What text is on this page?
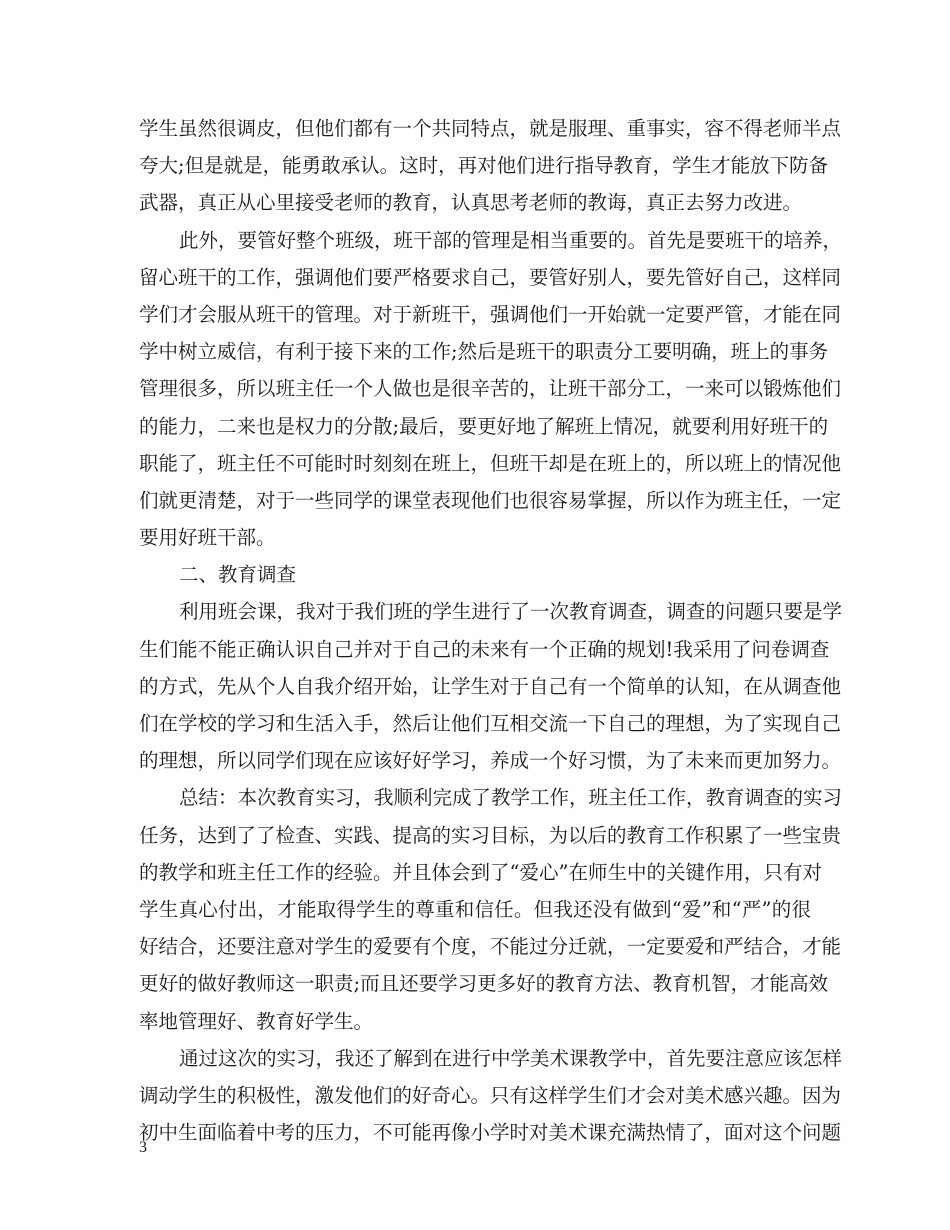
学生虽然很调皮，但他们都有一个共同特点，就是服理、重事实，容不得老师半点
夸大;但是就是，能勇敢承认。这时，再对他们进行指导教育，学生才能放下防备
武器，真正从心里接受老师的教育，认真思考老师的教诲，真正去努力改进。
此外，要管好整个班级，班干部的管理是相当重要的。首先是要班干的培养，
留心班干的工作，强调他们要严格要求自己，要管好别人，要先管好自己，这样同
学们才会服从班干的管理。对于新班干，强调他们一开始就一定要严管，才能在同
学中树立威信，有利于接下来的工作;然后是班干的职责分工要明确，班上的事务
管理很多，所以班主任一个人做也是很辛苦的，让班干部分工，一来可以锻炼他们
的能力，二来也是权力的分散;最后，要更好地了解班上情况，就要利用好班干的
职能了，班主任不可能时时刻刻在班上，但班干却是在班上的，所以班上的情况他
们就更清楚，对于一些同学的课堂表现他们也很容易掌握，所以作为班主任，一定
要用好班干部。
二、教育调查
利用班会课，我对于我们班的学生进行了一次教育调查，调查的问题只要是学
生们能不能正确认识自己并对于自己的未来有一个正确的规划!我采用了问卷调查
的方式，先从个人自我介绍开始，让学生对于自己有一个简单的认知，在从调查他
们在学校的学习和生活入手，然后让他们互相交流一下自己的理想，为了实现自己
的理想，所以同学们现在应该好好学习，养成一个好习惯，为了未来而更加努力。
总结：本次教育实习，我顺利完成了教学工作，班主任工作，教育调查的实习
任务，达到了了检查、实践、提高的实习目标，为以后的教育工作积累了一些宝贵
的教学和班主任工作的经验。并且体会到了“爱心”在师生中的关键作用，只有对
学生真心付出，才能取得学生的尊重和信任。但我还没有做到“爱”和“严”的很
好结合，还要注意对学生的爱要有个度，不能过分迁就，一定要爱和严结合，才能
更好的做好教师这一职责;而且还要学习更多好的教育方法、教育机智，才能高效
率地管理好、教育好学生。
通过这次的实习，我还了解到在进行中学美术课教学中，首先要注意应该怎样
调动学生的积极性，激发他们的好奇心。只有这样学生们才会对美术感兴趣。因为
初中生面临着中考的压力，不可能再像小学时对美术课充满热情了，面对这个问题
3
